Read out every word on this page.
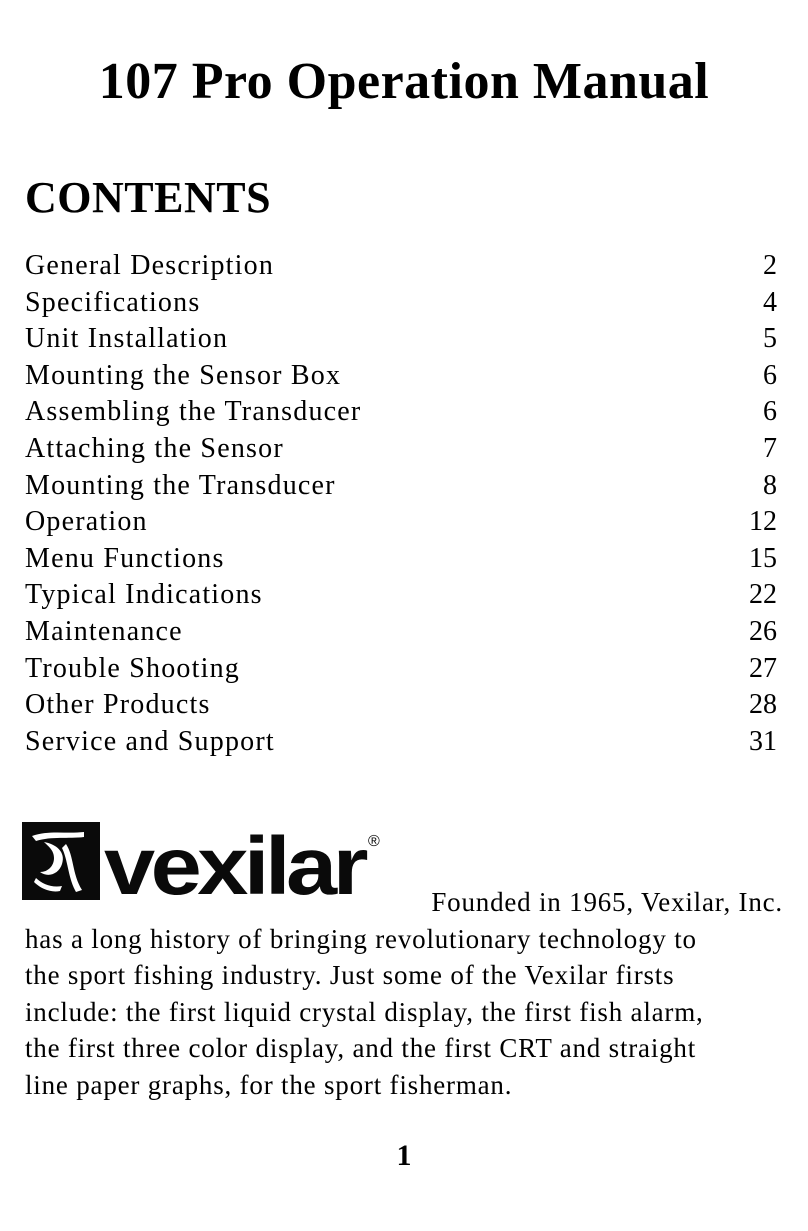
107 Pro Operation Manual
CONTENTS
General Description	2
Specifications	4
Unit Installation	5
Mounting the Sensor Box	6
Assembling the Transducer	6
Attaching the Sensor	7
Mounting the Transducer	8
Operation	12
Menu Functions	15
Typical Indications	22
Maintenance	26
Trouble Shooting	27
Other Products	28
Service and Support	31
vexilar ®

Founded in 1965, Vexilar, Inc.
has a long history of bringing revolutionary technology to
the sport fishing industry. Just some of the Vexilar firsts
include: the first liquid crystal display, the first fish alarm,
the first three color display, and the first CRT and straight
line paper graphs, for the sport fisherman.

1
